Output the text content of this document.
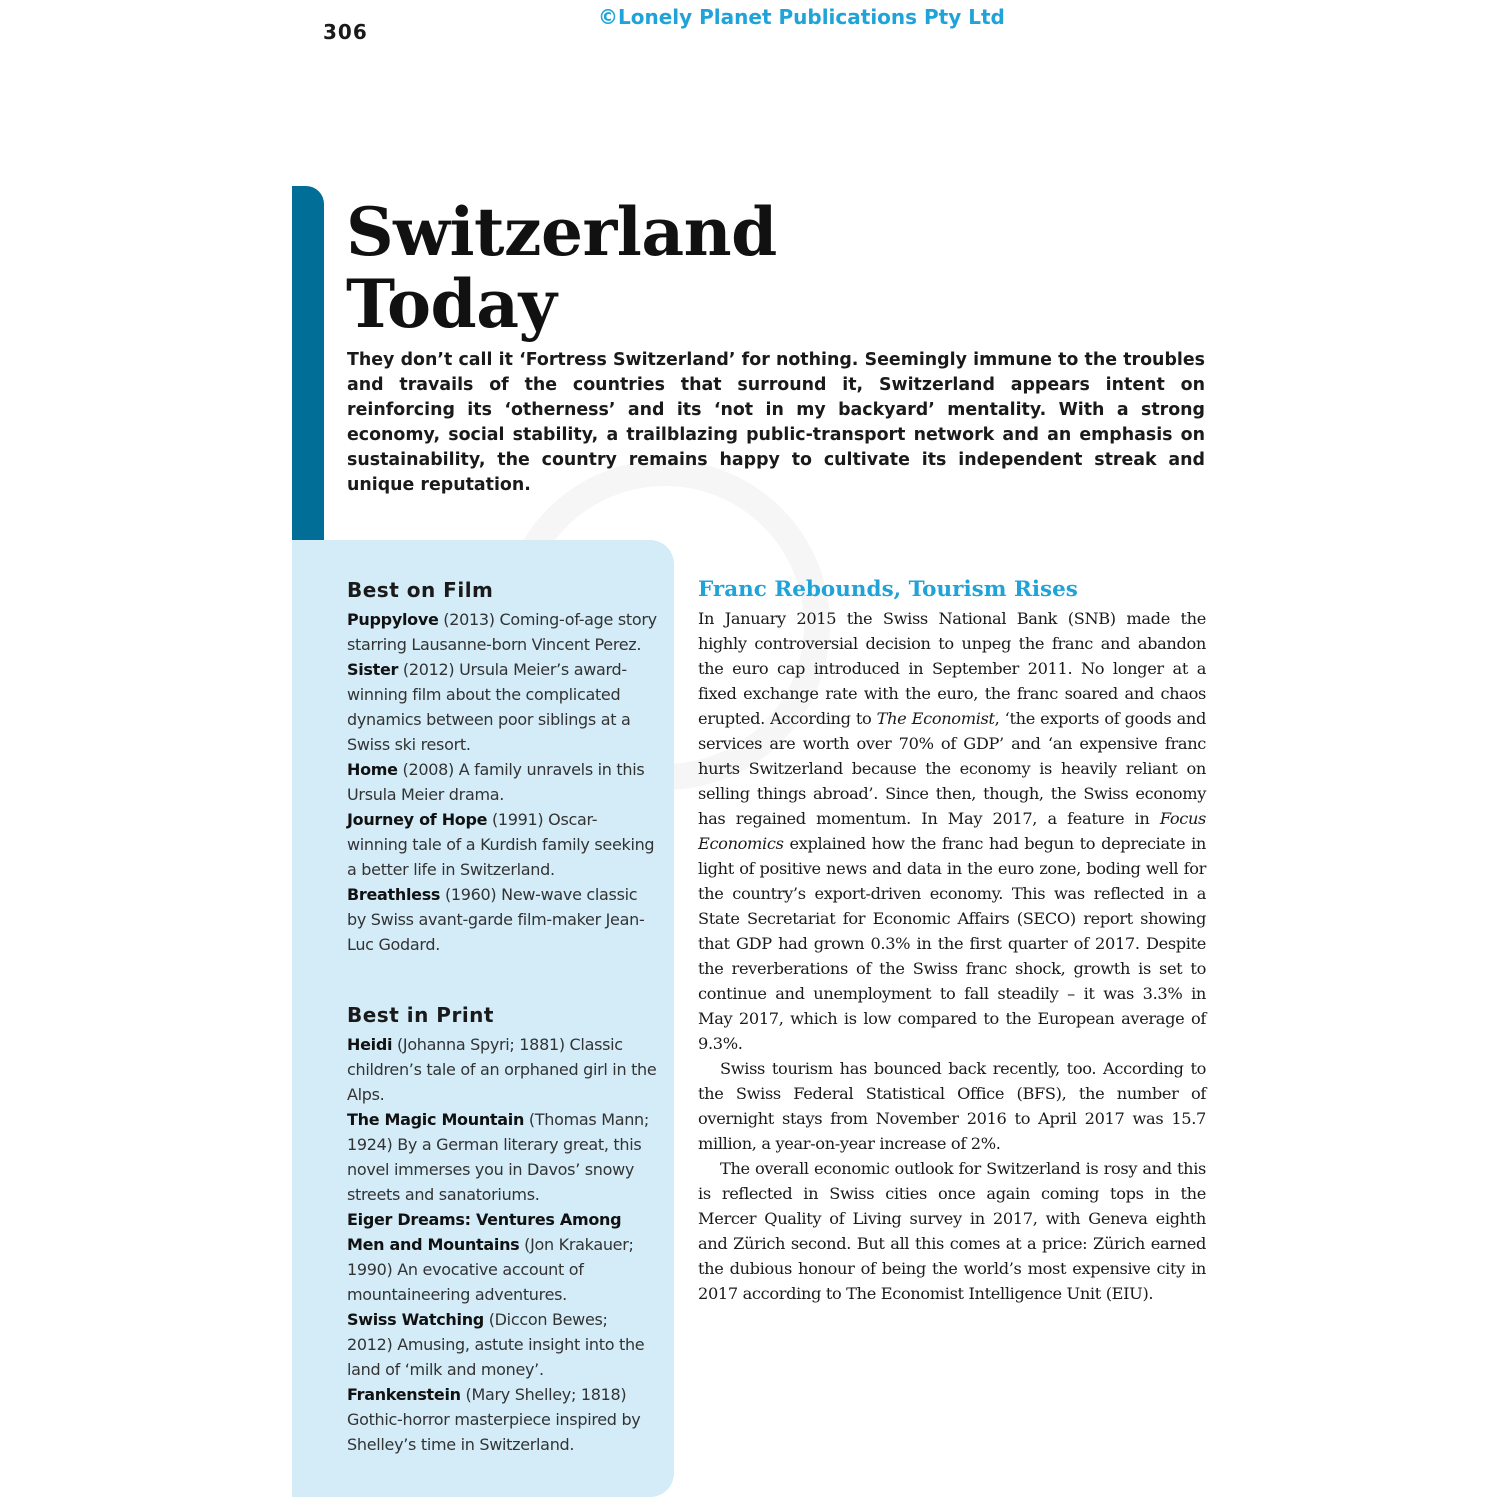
306
©Lonely Planet Publications Pty Ltd
Switzerland
Today

They don’t call it ‘Fortress Switzerland’ for nothing. Seemingly immune to the troubles and travails of the countries that surround it, Switzerland appears intent on reinforcing its ‘otherness’ and its ‘not in my backyard’ mentality. With a strong economy, social stability, a trailblazing public-transport network and an emphasis on sustainability, the country remains happy to cultivate its independent streak and unique reputation.

Best on Film

Puppylove (2013) Coming-of-age story starring Lausanne-born Vincent Perez.

Sister (2012) Ursula Meier’s award-winning film about the complicated dynamics between poor siblings at a Swiss ski resort.

Home (2008) A family unravels in this Ursula Meier drama.

Journey of Hope (1991) Oscar-winning tale of a Kurdish family seeking a better life in Switzerland.

Breathless (1960) New-wave classic by Swiss avant-garde film-maker Jean-Luc Godard.

Best in Print

Heidi (Johanna Spyri; 1881) Classic children’s tale of an orphaned girl in the Alps.

The Magic Mountain (Thomas Mann; 1924) By a German literary great, this novel immerses you in Davos’ snowy streets and sanatoriums.

Eiger Dreams: Ventures Among Men and Mountains (Jon Krakauer; 1990) An evocative account of mountaineering adventures.

Swiss Watching (Diccon Bewes; 2012) Amusing, astute insight into the land of ‘milk and money’.

Frankenstein (Mary Shelley; 1818) Gothic-horror masterpiece inspired by Shelley’s time in Switzerland.

Franc Rebounds, Tourism Rises

In January 2015 the Swiss National Bank (SNB) made the highly controversial decision to unpeg the franc and abandon the euro cap introduced in September 2011. No longer at a fixed exchange rate with the euro, the franc soared and chaos erupted. According to The Economist, ‘the exports of goods and services are worth over 70% of GDP’ and ‘an expensive franc hurts Switzerland because the economy is heavily reliant on selling things abroad’. Since then, though, the Swiss economy has regained momentum. In May 2017, a feature in Focus Economics explained how the franc had begun to depreciate in light of positive news and data in the euro zone, boding well for the country’s export-driven economy. This was reflected in a State Secretariat for Economic Affairs (SECO) report showing that GDP had grown 0.3% in the first quarter of 2017. Despite the reverberations of the Swiss franc shock, growth is set to continue and unemployment to fall steadily – it was 3.3% in May 2017, which is low compared to the European average of 9.3%.

Swiss tourism has bounced back recently, too. According to the Swiss Federal Statistical Office (BFS), the number of overnight stays from November 2016 to April 2017 was 15.7 million, a year-on-year increase of 2%.

The overall economic outlook for Switzerland is rosy and this is reflected in Swiss cities once again coming tops in the Mercer Quality of Living survey in 2017, with Geneva eighth and Zürich second. But all this comes at a price: Zürich earned the dubious honour of being the world’s most expensive city in 2017 according to The Economist Intelligence Unit (EIU).
